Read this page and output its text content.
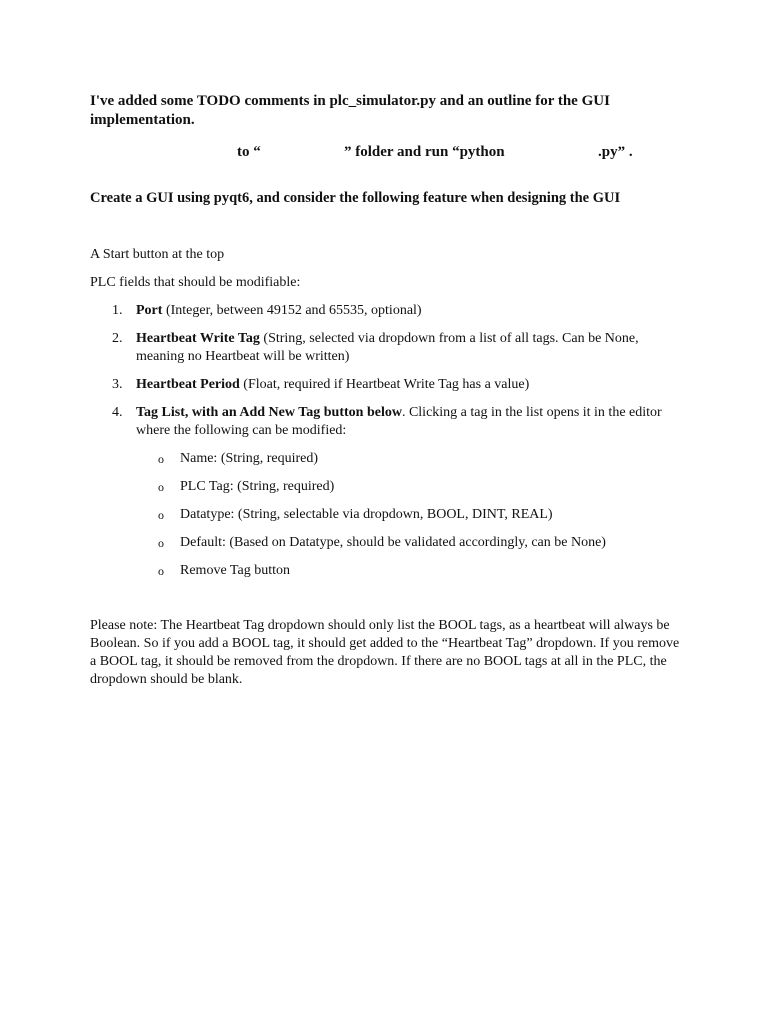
I've added some TODO comments in plc_simulator.py and an outline for the GUI implementation.

to “	” folder and run “python	.py” .

Create a GUI using pyqt6, and consider the following feature when designing the GUI

A Start button at the top

PLC fields that should be modifiable:

1. Port (Integer, between 49152 and 65535, optional)
2. Heartbeat Write Tag (String, selected via dropdown from a list of all tags. Can be None, meaning no Heartbeat will be written)
3. Heartbeat Period (Float, required if Heartbeat Write Tag has a value)
4. Tag List, with an Add New Tag button below. Clicking a tag in the list opens it in the editor where the following can be modified:
o Name: (String, required)
o PLC Tag: (String, required)
o Datatype: (String, selectable via dropdown, BOOL, DINT, REAL)
o Default: (Based on Datatype, should be validated accordingly, can be None)
o Remove Tag button

Please note: The Heartbeat Tag dropdown should only list the BOOL tags, as a heartbeat will always be Boolean. So if you add a BOOL tag, it should get added to the “Heartbeat Tag” dropdown. If you remove a BOOL tag, it should be removed from the dropdown. If there are no BOOL tags at all in the PLC, the dropdown should be blank.
